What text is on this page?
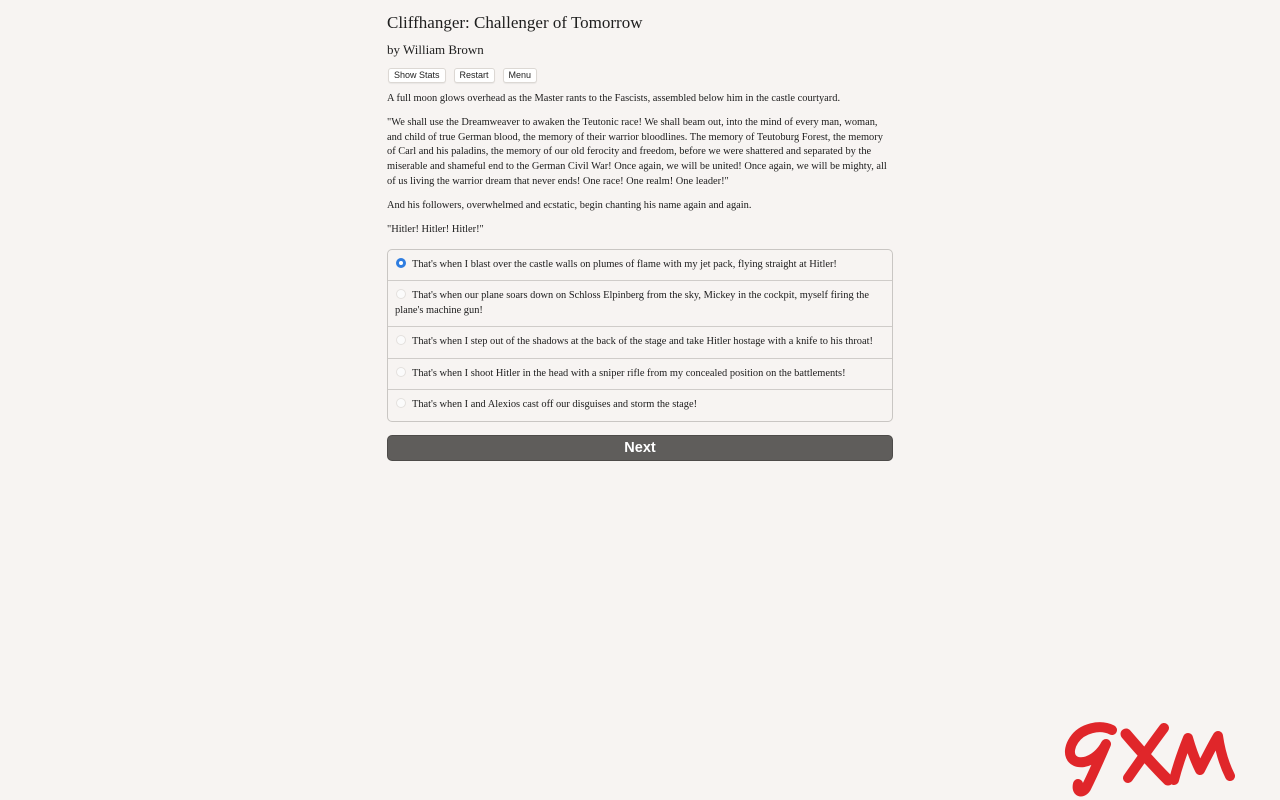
Cliffhanger: Challenger of Tomorrow
by William Brown
Show Stats	Restart	Menu

A full moon glows overhead as the Master rants to the Fascists, assembled below him in the castle courtyard.

"We shall use the Dreamweaver to awaken the Teutonic race! We shall beam out, into the mind of every man, woman, and child of true German blood, the memory of their warrior bloodlines. The memory of Teutoburg Forest, the memory of Carl and his paladins, the memory of our old ferocity and freedom, before we were shattered and separated by the miserable and shameful end to the German Civil War! Once again, we will be united! Once again, we will be mighty, all of us living the warrior dream that never ends! One race! One realm! One leader!"

And his followers, overwhelmed and ecstatic, begin chanting his name again and again.

"Hitler! Hitler! Hitler!"

That's when I blast over the castle walls on plumes of flame with my jet pack, flying straight at Hitler!
That's when our plane soars down on Schloss Elpinberg from the sky, Mickey in the cockpit, myself firing the plane's machine gun!
That's when I step out of the shadows at the back of the stage and take Hitler hostage with a knife to his throat!
That's when I shoot Hitler in the head with a sniper rifle from my concealed position on the battlements!
That's when I and Alexios cast off our disguises and storm the stage!
Next
